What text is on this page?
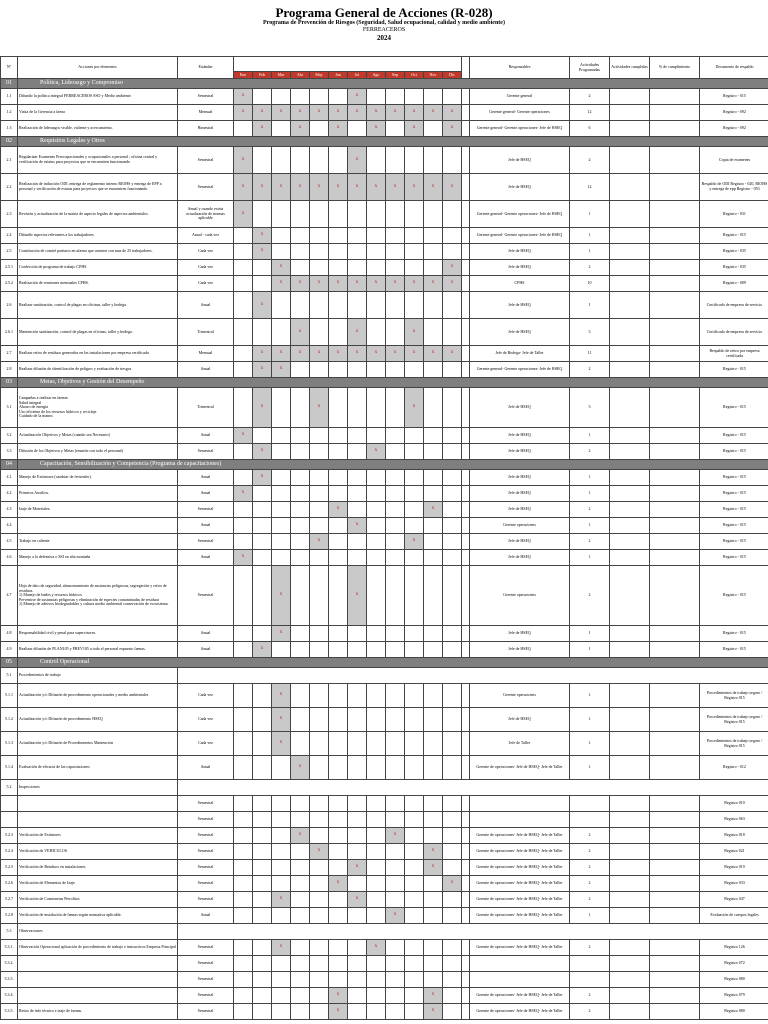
Programa General de Acciones (R-028)
Programa de Prevención de Riesgos (Seguridad, Salud ocupacional, calidad y medio ambiente)
FERREACEROS
2024
Nº	Acciones por elementos	Estándar														Responsables	Actividades Programadas	Actividades cumplidas	% de cumplimiento	Documento de respaldo
			Ene	Feb	Mar	Abr	May	Jun	Jul	Ago	Sep	Oct	Nov	Dic						
01	Política, Liderazgo y Compromiso																			
1.1	Difundir la política integral FERREACEROS SSO y Medio ambiente.	Semestral	x						x							Gerente general	2			Registro - 015
1.2	Visita de la Gerencia a faena	Mensual	x	x	x	x	x	x	x	x	x	x	x	x		Gerente general- Gerente operaciones	12			Registro - 092
1.3	Realización de liderazgos visible, valiente y acercamiento.	Bimestral		x		x		x		x		x		x		Gerente general- Gerente operaciones- Jefe de HSEQ	6			Registro - 092
02	Requisitos Legales y Otros																			
2.1	Regularizar Examenes Preocupacionales y ocupacionales a personal ; oficina central y verificación de estatus para proyectos que se encuentren funcionando	Semestral	x						x							Jefe de HSEQ	2			Copia de examenes
2.2	Realización de inducción ODI ,entrega de reglamento interno RIOHS y entrega de EPP a personal y verificación de estatus para proyectos que se encuentren funcionando	Semestral	x	x	x	x	x	x	x	x	x	x	x	x		Jefe de HSEQ	12			Respaldo de ODI Registro - 020, RIOHS y entrega de epp Registro - 053
2.3	Revisión y actualización de la matriz de aspecto legales de aspectos ambientales.	Anual y cuando exista actualización de normas aplicable	x													Gerente general- Gerente operaciones- Jefe de HSEQ	1			Registro - 031
2.4	Difundir aspectos relevantes a los trabajadores.	Anual - cada vez		x												Gerente general- Gerente operaciones- Jefe de HSEQ	1			Registro - 015
2.5	Constitución de comité paritario en afaena que cuenten con mas de 25 trabajadores.	Cada vez		x												Jefe de HSEQ	1			Registro - 035
2.5.1	Confección de programa de trabajo CPHS	Cada vez			x									x		Jefe de HSEQ	2			Registro - 035
2.5.2	Realización de reuniones mensuales CPHS.	Cada vez			x	x	x	x	x	x	x	x	x	x		CPHS	10			Registro - 009
2.6	Realizar sanitización, control de plagas en oficinas, taller y bodega.	Anual		x												Jefe de HSEQ	1			Certificado de empresa de servicio
2.6.1	Mantención sanitización, control de plagas en oficinas, taller y bodega.	Trimestral				x			x			x				Jefe de HSEQ	3			Certificado de empresa de servicio
2.7	Realizar retiro de residuos generados en las instalaciones por empresa certificada	Mensual		x	x	x	x	x	x	x	x	x	x	x		Jefe de Bodega- Jefe de Taller	11			Respaldo de retiro por empresa certificada
2.8	Realizar difusión de identificación de peligros y evaluación de riesgos	Anual		x	x											Gerente general- Gerente operaciones- Jefe de HSEQ	2			Registro - 015
03	Metas, Objetivos y Gestión del Desempeño																			
3.1	Campañas a realizar en faenas:
Salud integral
Ahorro de energía
Uso eficiente de los recursos hídricos y reciclaje
Cuidado de la manos	Trimestral		x			x					x				Jefe de HSEQ	3			Registro - 015
3.2	Actualización Objetivos y Metas (cuando sea Necesario)	Anual	x													Jefe de HSEQ	1			Registro - 015
3.3	Difusión de los Objetivos y Metas (reunión con todo el personal)	Semestral		x						x						Jefe de HSEQ	2			Registro - 015
04	Capacitación, Sensibilización y Competencia (Programa de capacitaciones)																			
4.1	Manejo de Extintores (cambiar de fecuenfer).	Anual		x												Jefe de HSEQ	1			Registro - 015
4.2	Primeros Auxilios.	Anual	x													Jefe de HSEQ	1			Registro - 015
4.3	Izaje de Materiales.	Semestral						x					x			Jefe de HSEQ	2			Registro - 015
4.4		Anual							x							Gerente operaciones	1			Registro - 015
4.5	Trabajo en caliente	Semestral					x					x				Jefe de HSEQ	2			Registro - 015
4.6	Manejo a la defensiva o SSI en alta montaña	Anual	x													Jefe de HSEQ	1			Registro - 015
4.7	Hoja de dato de seguridad, almacenamiento de sustancias peligrosas, segregación y retiro de residuos.
1) Manejo de baños y recursos hídricos
Prevenirse de sustancias peligrosas y eliminación de especies contaminadas de residuos
1) Manejo de aditivos biodegradables y cultura medio ambiental conservación de ecosistema.	Semestral			x				x							Gerente operaciones	2			Registro - 015
4.8	Responsabilidad civil y penal para supervisores.	Anual			x											Jefe de HSEQ	1			Registro - 015
4.9	Realizar difusión de PLAN105 y PREV105 a todo el personal expuesto faenas.	Anual		x												Jefe de HSEQ	1			Registro - 015
05	Control Operacional																			
5.1	Procedimientos de trabajo																			
5.1.1	Actualización y/o Difusión de procedimiento operacionales y medio ambientales	Cada vez			x											Gerente operaciones	1			Procedimientos de trabajo seguro / Registro 015
5.1.2	Actualización y/o Difusión de procedimiento HSEQ	Cada vez			x											Jefe de HSEQ	1			Procedimientos de trabajo seguro / Registro 015
5.1.3	Actualización y/o Difusión de Procedimientos Mantención	Cada vez			x											Jefe de Taller	1			Procedimientos de trabajo seguro / Registro 015
5.1.4	Evaluación de eficacia de las capacitaciones	Anual				x										Gerente de operaciones- Jefe de HSEQ- Jefe de Taller	1			Registro - 012
5.2	Inspecciones																			
		Semestral																		Registro 010
		Semestral																		Registro 063
5.2.3	Verificación de Extintores	Semestral				x					x					Gerente de operaciones- Jefe de HSEQ- Jefe de Taller	2			Registro 018
5.2.4	Verificación de VEHICULOS	Semestral					x						x			Gerente de operaciones- Jefe de HSEQ- Jefe de Taller	2			Registro 021
5.2.5	Verificación de Residuos en instalaciones	Semestral							x				x			Gerente de operaciones- Jefe de HSEQ- Jefe de Taller	2			Registro 019
5.2.6	Verificación de Elementos de Izaje	Semestral						x						x		Gerente de operaciones- Jefe de HSEQ- Jefe de Taller	2			Registro 033
5.2.7	Verificación de Camionetas Petrolitos	Semestral			x				x							Gerente de operaciones- Jefe de HSEQ- Jefe de Taller	2			Registro 047
5.2.8	Verificación de instalación de faenas según normativa aplicable.	Anual									x					Gerente de operaciones- Jefe de HSEQ- Jefe de Taller	1			Evaluación de cuerpos legales
5.3	Observaciones																			
5.3.1.	Observación Operacional aplicación de procedimiento de trabajo e instructivos Empresa Principal	Semestral			x					x						Gerente de operaciones- Jefe de HSEQ- Jefe de Taller	2			Registro 126
5.3.2.		Semestral																		Registro 072
5.3.3.		Semestral																		Registro 080
5.3.4.		Semestral						x					x			Gerente de operaciones- Jefe de HSEQ- Jefe de Taller	2			Registro 079
5.3.5.	Retiro de info técnico e izaje de faenas.	Semestral						x					x			Gerente de operaciones- Jefe de HSEQ- Jefe de Taller	2			Registro 080
